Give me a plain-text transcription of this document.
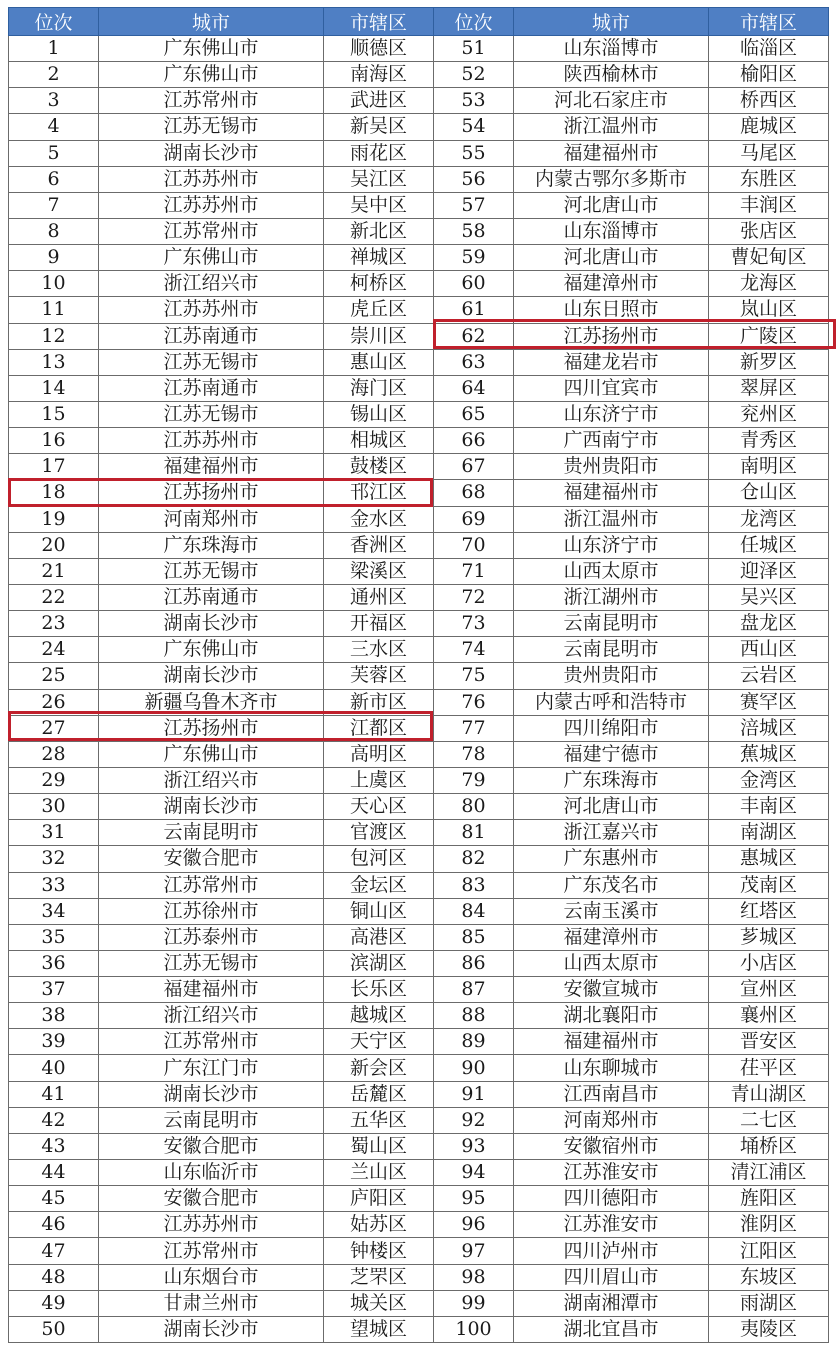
位次	城市	市辖区	位次	城市	市辖区
1	广东佛山市	顺德区	51	山东淄博市	临淄区
2	广东佛山市	南海区	52	陕西榆林市	榆阳区
3	江苏常州市	武进区	53	河北石家庄市	桥西区
4	江苏无锡市	新吴区	54	浙江温州市	鹿城区
5	湖南长沙市	雨花区	55	福建福州市	马尾区
6	江苏苏州市	吴江区	56	内蒙古鄂尔多斯市	东胜区
7	江苏苏州市	吴中区	57	河北唐山市	丰润区
8	江苏常州市	新北区	58	山东淄博市	张店区
9	广东佛山市	禅城区	59	河北唐山市	曹妃甸区
10	浙江绍兴市	柯桥区	60	福建漳州市	龙海区
11	江苏苏州市	虎丘区	61	山东日照市	岚山区
12	江苏南通市	崇川区	62	江苏扬州市	广陵区
13	江苏无锡市	惠山区	63	福建龙岩市	新罗区
14	江苏南通市	海门区	64	四川宜宾市	翠屏区
15	江苏无锡市	锡山区	65	山东济宁市	兖州区
16	江苏苏州市	相城区	66	广西南宁市	青秀区
17	福建福州市	鼓楼区	67	贵州贵阳市	南明区
18	江苏扬州市	邗江区	68	福建福州市	仓山区
19	河南郑州市	金水区	69	浙江温州市	龙湾区
20	广东珠海市	香洲区	70	山东济宁市	任城区
21	江苏无锡市	梁溪区	71	山西太原市	迎泽区
22	江苏南通市	通州区	72	浙江湖州市	吴兴区
23	湖南长沙市	开福区	73	云南昆明市	盘龙区
24	广东佛山市	三水区	74	云南昆明市	西山区
25	湖南长沙市	芙蓉区	75	贵州贵阳市	云岩区
26	新疆乌鲁木齐市	新市区	76	内蒙古呼和浩特市	赛罕区
27	江苏扬州市	江都区	77	四川绵阳市	涪城区
28	广东佛山市	高明区	78	福建宁德市	蕉城区
29	浙江绍兴市	上虞区	79	广东珠海市	金湾区
30	湖南长沙市	天心区	80	河北唐山市	丰南区
31	云南昆明市	官渡区	81	浙江嘉兴市	南湖区
32	安徽合肥市	包河区	82	广东惠州市	惠城区
33	江苏常州市	金坛区	83	广东茂名市	茂南区
34	江苏徐州市	铜山区	84	云南玉溪市	红塔区
35	江苏泰州市	高港区	85	福建漳州市	芗城区
36	江苏无锡市	滨湖区	86	山西太原市	小店区
37	福建福州市	长乐区	87	安徽宣城市	宣州区
38	浙江绍兴市	越城区	88	湖北襄阳市	襄州区
39	江苏常州市	天宁区	89	福建福州市	晋安区
40	广东江门市	新会区	90	山东聊城市	茌平区
41	湖南长沙市	岳麓区	91	江西南昌市	青山湖区
42	云南昆明市	五华区	92	河南郑州市	二七区
43	安徽合肥市	蜀山区	93	安徽宿州市	埇桥区
44	山东临沂市	兰山区	94	江苏淮安市	清江浦区
45	安徽合肥市	庐阳区	95	四川德阳市	旌阳区
46	江苏苏州市	姑苏区	96	江苏淮安市	淮阴区
47	江苏常州市	钟楼区	97	四川泸州市	江阳区
48	山东烟台市	芝罘区	98	四川眉山市	东坡区
49	甘肃兰州市	城关区	99	湖南湘潭市	雨湖区
50	湖南长沙市	望城区	100	湖北宜昌市	夷陵区
